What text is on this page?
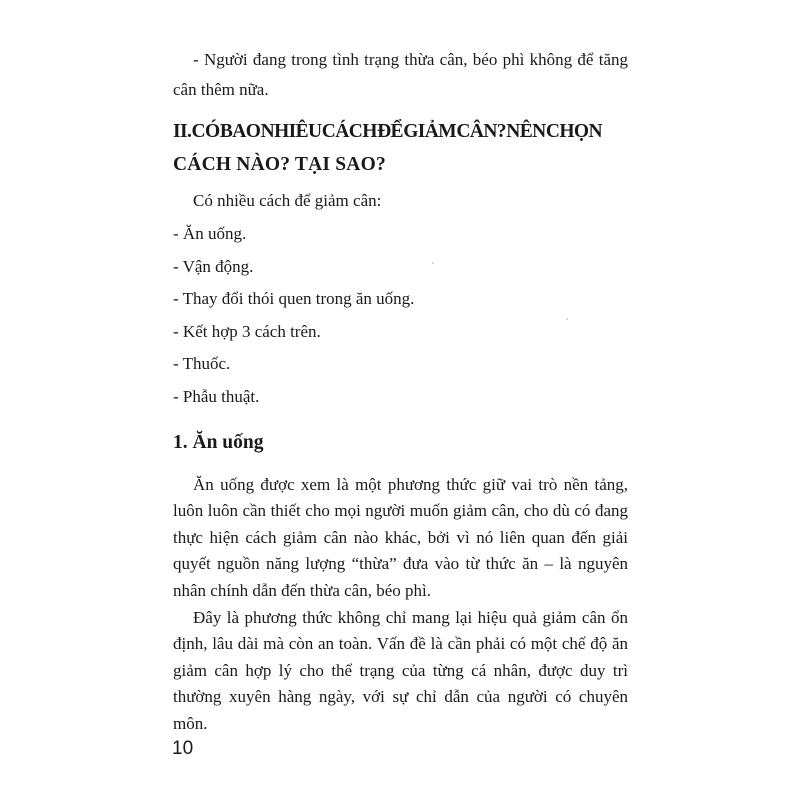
- Người đang trong tình trạng thừa cân, béo phì không để tăng cân thêm nữa.

II. CÓ BAO NHIÊU CÁCH ĐỂ GIẢM CÂN? NÊN CHỌN
CÁCH NÀO? TẠI SAO?
Có nhiều cách để giảm cân:
- Ăn uống.
- Vận động.
- Thay đổi thói quen trong ăn uống.
- Kết hợp 3 cách trên.
- Thuốc.
- Phẫu thuật.
1. Ăn uống

Ăn uống được xem là một phương thức giữ vai trò nền tảng, luôn luôn cần thiết cho mọi người muốn giảm cân, cho dù có đang thực hiện cách giảm cân nào khác, bởi vì nó liên quan đến giải quyết nguồn năng lượng “thừa” đưa vào từ thức ăn – là nguyên nhân chính dẫn đến thừa cân, béo phì.

Đây là phương thức không chỉ mang lại hiệu quả giảm cân ổn định, lâu dài mà còn an toàn. Vấn đề là cần phải có một chế độ ăn giảm cân hợp lý cho thể trạng của từng cá nhân, được duy trì thường xuyên hàng ngày, với sự chỉ dẫn của người có chuyên môn.

10
